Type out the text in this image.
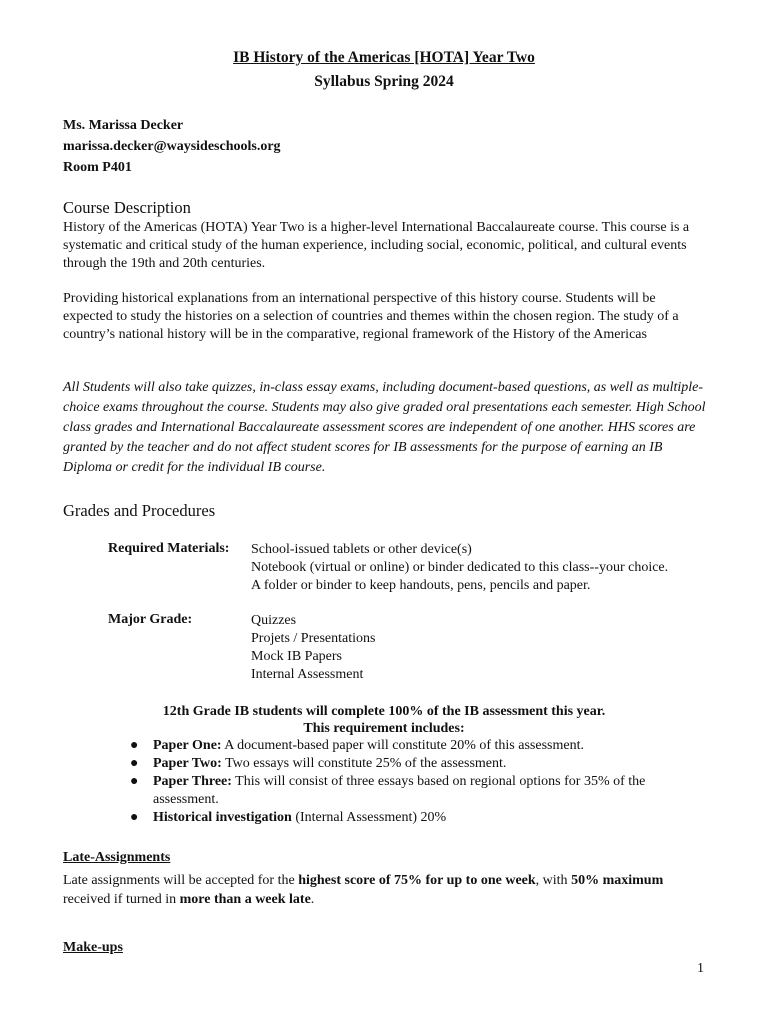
IB History of the Americas [HOTA] Year Two
Syllabus Spring 2024
Ms. Marissa Decker
marissa.decker@waysideschools.org
Room P401
Course Description
History of the Americas (HOTA) Year Two is a higher-level International Baccalaureate course. This course is a systematic and critical study of the human experience, including social, economic, political, and cultural events through the 19th and 20th centuries.
Providing historical explanations from an international perspective of this history course. Students will be expected to study the histories on a selection of countries and themes within the chosen region. The study of a country’s national history will be in the comparative, regional framework of the History of the Americas
All Students will also take quizzes, in-class essay exams, including document-based questions, as well as multiple-choice exams throughout the course. Students may also give graded oral presentations each semester. High School class grades and International Baccalaureate assessment scores are independent of one another. HHS scores are granted by the teacher and do not affect student scores for IB assessments for the purpose of earning an IB Diploma or credit for the individual IB course.
Grades and Procedures
Required Materials: School-issued tablets or other device(s)
Notebook (virtual or online) or binder dedicated to this class--your choice.
A folder or binder to keep handouts, pens, pencils and paper.
Major Grade:	Quizzes
Projets / Presentations
Mock IB Papers
Internal Assessment
12th Grade IB students will complete 100% of the IB assessment this year.
This requirement includes:
● Paper One: A document-based paper will constitute 20% of this assessment.
● Paper Two: Two essays will constitute 25% of the assessment.
● Paper Three: This will consist of three essays based on regional options for 35% of the assessment.
● Historical investigation (Internal Assessment) 20%
Late-Assignments
Late assignments will be accepted for the highest score of 75% for up to one week, with 50% maximum received if turned in more than a week late.
Make-ups
1
